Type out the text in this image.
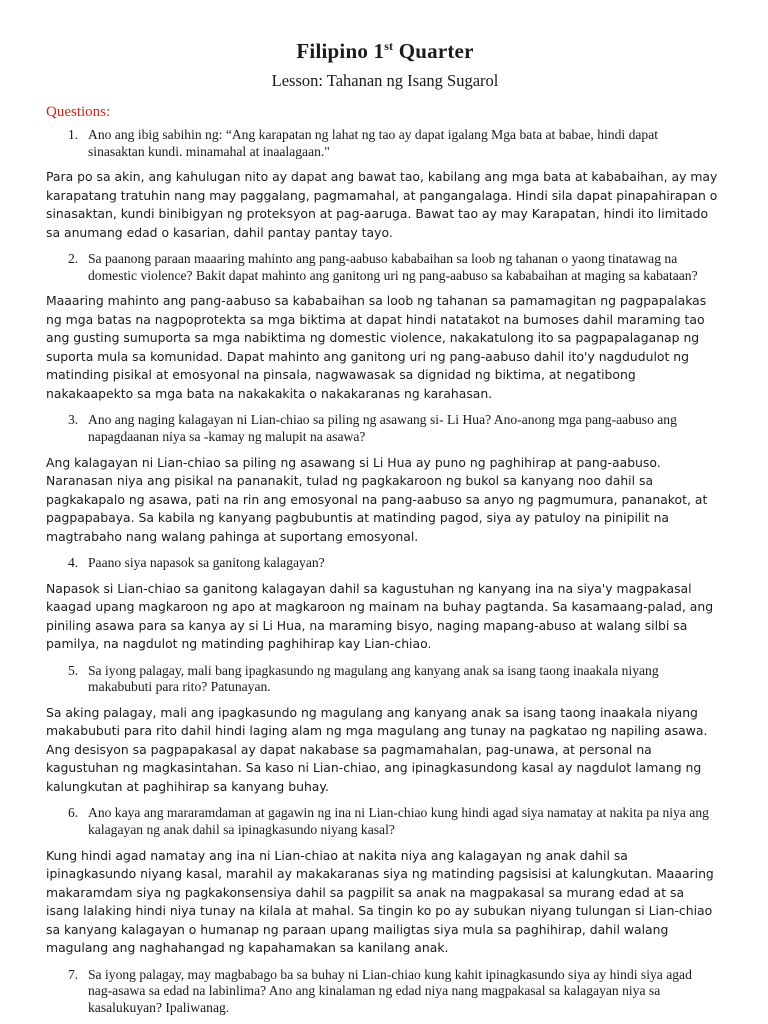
Filipino 1st Quarter
Lesson: Tahanan ng Isang Sugarol
Questions:
1. Ano ang ibig sabihin ng: “Ang karapatan ng lahat ng tao ay dapat igalang Mga bata at babae, hindi dapat sinasaktan kundi. minamahal at inaalagaan."
Para po sa akin, ang kahulugan nito ay dapat ang bawat tao, kabilang ang mga bata at kababaihan, ay may karapatang tratuhin nang may paggalang, pagmamahal, at pangangalaga. Hindi sila dapat pinapahirapan o sinasaktan, kundi binibigyan ng proteksyon at pag-aaruga. Bawat tao ay may Karapatan, hindi ito limitado sa anumang edad o kasarian, dahil pantay pantay tayo.
2. Sa paanong paraan maaaring mahinto ang pang-aabuso kababaihan sa loob ng tahanan o yaong tinatawag na domestic violence? Bakit dapat mahinto ang ganitong uri ng pang-aabuso sa kababaihan at maging sa kabataan?
Maaaring mahinto ang pang-aabuso sa kababaihan sa loob ng tahanan sa pamamagitan ng pagpapalakas ng mga batas na nagpoprotekta sa mga biktima at dapat hindi natatakot na bumoses dahil maraming tao ang gusting sumuporta sa mga nabiktima ng domestic violence, nakakatulong ito sa pagpapalaganap ng suporta mula sa komunidad. Dapat mahinto ang ganitong uri ng pang-aabuso dahil ito'y nagdudulot ng matinding pisikal at emosyonal na pinsala, nagwawasak sa dignidad ng biktima, at negatibong nakakaapekto sa mga bata na nakakakita o nakakaranas ng karahasan.
3. Ano ang naging kalagayan ni Lian-chiao sa piling ng asawang si- Li Hua? Ano-anong mga pang-aabuso ang napagdaanan niya sa -kamay ng malupit na asawa?
Ang kalagayan ni Lian-chiao sa piling ng asawang si Li Hua ay puno ng paghihirap at pang-aabuso. Naranasan niya ang pisikal na pananakit, tulad ng pagkakaroon ng bukol sa kanyang noo dahil sa pagkakapalo ng asawa, pati na rin ang emosyonal na pang-aabuso sa anyo ng pagmumura, pananakot, at pagpapabaya. Sa kabila ng kanyang pagbubuntis at matinding pagod, siya ay patuloy na pinipilit na magtrabaho nang walang pahinga at suportang emosyonal.
4. Paano siya napasok sa ganitong kalagayan?
Napasok si Lian-chiao sa ganitong kalagayan dahil sa kagustuhan ng kanyang ina na siya'y magpakasal kaagad upang magkaroon ng apo at magkaroon ng mainam na buhay pagtanda. Sa kasamaang-palad, ang piniling asawa para sa kanya ay si Li Hua, na maraming bisyo, naging mapang-abuso at walang silbi sa pamilya, na nagdulot ng matinding paghihirap kay Lian-chiao.
5. Sa iyong palagay, mali bang ipagkasundo ng magulang ang kanyang anak sa isang taong inaakala niyang makabubuti para rito? Patunayan.
Sa aking palagay, mali ang ipagkasundo ng magulang ang kanyang anak sa isang taong inaakala niyang makabubuti para rito dahil hindi laging alam ng mga magulang ang tunay na pagkatao ng napiling asawa. Ang desisyon sa pagpapakasal ay dapat nakabase sa pagmamahalan, pag-unawa, at personal na kagustuhan ng magkasintahan. Sa kaso ni Lian-chiao, ang ipinagkasundong kasal ay nagdulot lamang ng kalungkutan at paghihirap sa kanyang buhay.
6. Ano kaya ang mararamdaman at gagawin ng ina ni Lian-chiao kung hindi agad siya namatay at nakita pa niya ang kalagayan ng anak dahil sa ipinagkasundo niyang kasal?
Kung hindi agad namatay ang ina ni Lian-chiao at nakita niya ang kalagayan ng anak dahil sa ipinagkasundo niyang kasal, marahil ay makakaranas siya ng matinding pagsisisi at kalungkutan. Maaaring makaramdam siya ng pagkakonsensiya dahil sa pagpilit sa anak na magpakasal sa murang edad at sa isang lalaking hindi niya tunay na kilala at mahal. Sa tingin ko po ay subukan niyang tulungan si Lian-chiao sa kanyang kalagayan o humanap ng paraan upang mailigtas siya mula sa paghihirap, dahil walang magulang ang naghahangad ng kapahamakan sa kanilang anak.
7. Sa iyong palagay, may magbabago ba sa buhay ni Lian-chiao kung kahit ipinagkasundo siya ay hindi siya agad nag-asawa sa edad na labinlima? Ano ang kinalaman ng edad niya nang magpakasal sa kalagayan niya sa kasalukuyan? Ipaliwanag.
